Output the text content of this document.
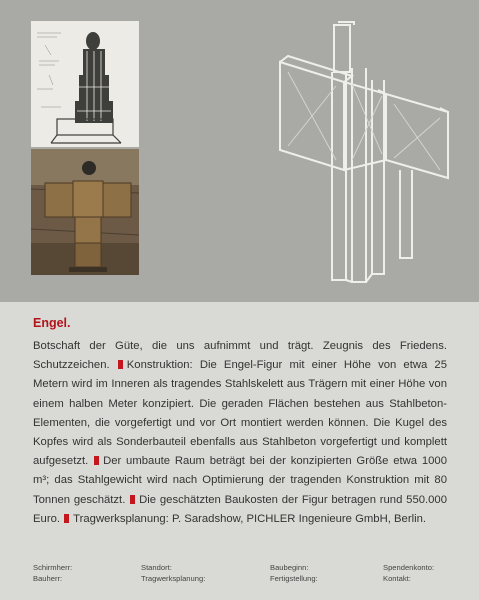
Engel.

Botschaft der Güte, die uns aufnimmt und trägt. Zeugnis des Friedens. Schutzzeichen. Konstruktion: Die Engel-Figur mit einer Höhe von etwa 25 Metern wird im Inneren als tragendes Stahlskelett aus Trägern mit einer Höhe von einem halben Meter konzipiert. Die geraden Flächen bestehen aus Stahlbeton-Elementen, die vorgefertigt und vor Ort montiert werden können. Die Kugel des Kopfes wird als Sonderbauteil ebenfalls aus Stahlbeton vorgefertigt und komplett aufgesetzt. Der umbaute Raum beträgt bei der konzipierten Größe etwa 1000 m³; das Stahlgewicht wird nach Optimierung der tragenden Konstruktion mit 80 Tonnen geschätzt. Die geschätzten Baukosten der Figur betragen rund 550.000 Euro. Tragwerksplanung: P. Saradshow, PICHLER Ingenieure GmbH, Berlin.

Schirmherr:
Bauherr:
Standort:
Tragwerksplanung:
Baubeginn:
Fertigstellung:
Spendenkonto:
Kontakt:
